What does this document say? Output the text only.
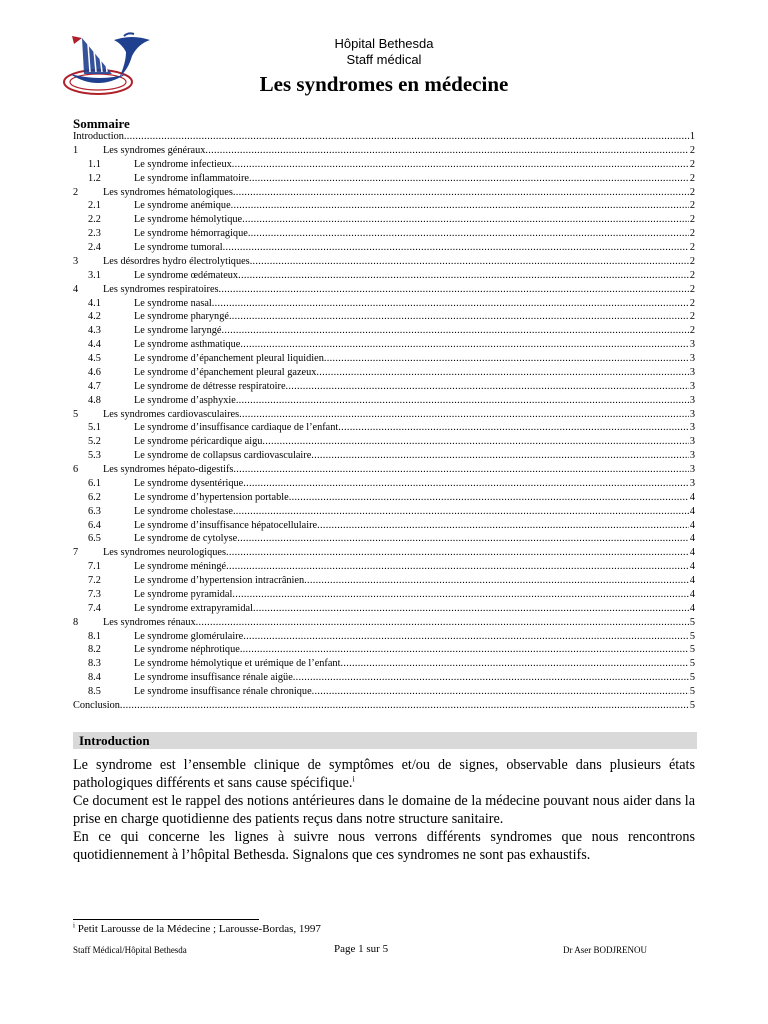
Hôpital Bethesda
Staff médical
Les syndromes en médecine
Sommaire
Introduction .....	1
1	Les syndromes généraux .....	2
1.1	Le syndrome infectieux .....	2
1.2	Le syndrome inflammatoire .....	2
2	Les syndromes hématologiques .....	2
2.1	Le syndrome anémique .....	2
2.2	Le syndrome hémolytique .....	2
2.3	Le syndrome hémorragique .....	2
2.4	Le syndrome tumoral .....	2
3	Les désordres hydro électrolytiques .....	2
3.1	Le syndrome œdémateux .....	2
4	Les syndromes respiratoires .....	2
4.1	Le syndrome nasal .....	2
4.2	Le syndrome pharyngé .....	2
4.3	Le syndrome laryngé .....	2
4.4	Le syndrome asthmatique .....	3
4.5	Le syndrome d’épanchement pleural liquidien .....	3
4.6	Le syndrome d’épanchement pleural gazeux .....	3
4.7	Le syndrome de détresse respiratoire .....	3
4.8	Le syndrome d’asphyxie .....	3
5	Les syndromes cardiovasculaires .....	3
5.1	Le syndrome d’insuffisance cardiaque de l’enfant .....	3
5.2	Le syndrome péricardique aigu .....	3
5.3	Le syndrome de collapsus cardiovasculaire .....	3
6	Les syndromes hépato-digestifs .....	3
6.1	Le syndrome dysentérique .....	3
6.2	Le syndrome d’hypertension portable .....	4
6.3	Le syndrome cholestase .....	4
6.4	Le syndrome d’insuffisance hépatocellulaire .....	4
6.5	Le syndrome de cytolyse .....	4
7	Les syndromes neurologiques .....	4
7.1	Le syndrome méningé .....	4
7.2	Le syndrome d’hypertension intracrânien .....	4
7.3	Le syndrome pyramidal .....	4
7.4	Le syndrome extrapyramidal .....	4
8	Les syndromes rénaux .....	5
8.1	Le syndrome glomérulaire .....	5
8.2	Le syndrome néphrotique .....	5
8.3	Le syndrome hémolytique et urémique de l’enfant .....	5
8.4	Le syndrome insuffisance rénale aigüe .....	5
8.5	Le syndrome insuffisance rénale chronique .....	5
Conclusion .....	5
Introduction

Le syndrome est l’ensemble clinique de symptômes et/ou de signes, observable dans plusieurs états pathologiques différents et sans cause spécifique.$^i$

Ce document est le rappel des notions antérieures dans le domaine de la médecine pouvant nous aider dans la prise en charge quotidienne des patients reçus dans notre structure sanitaire.

En ce qui concerne les lignes à suivre nous verrons différents syndromes que nous rencontrons quotidiennement à l’hôpital Bethesda. Signalons que ces syndromes ne sont pas exhaustifs.

$^i$ Petit Larousse de la Médecine ; Larousse-Bordas, 1997
Staff Médical/Hôpital Bethesda	Page 1 sur 5	Dr Aser BODJRENOU
